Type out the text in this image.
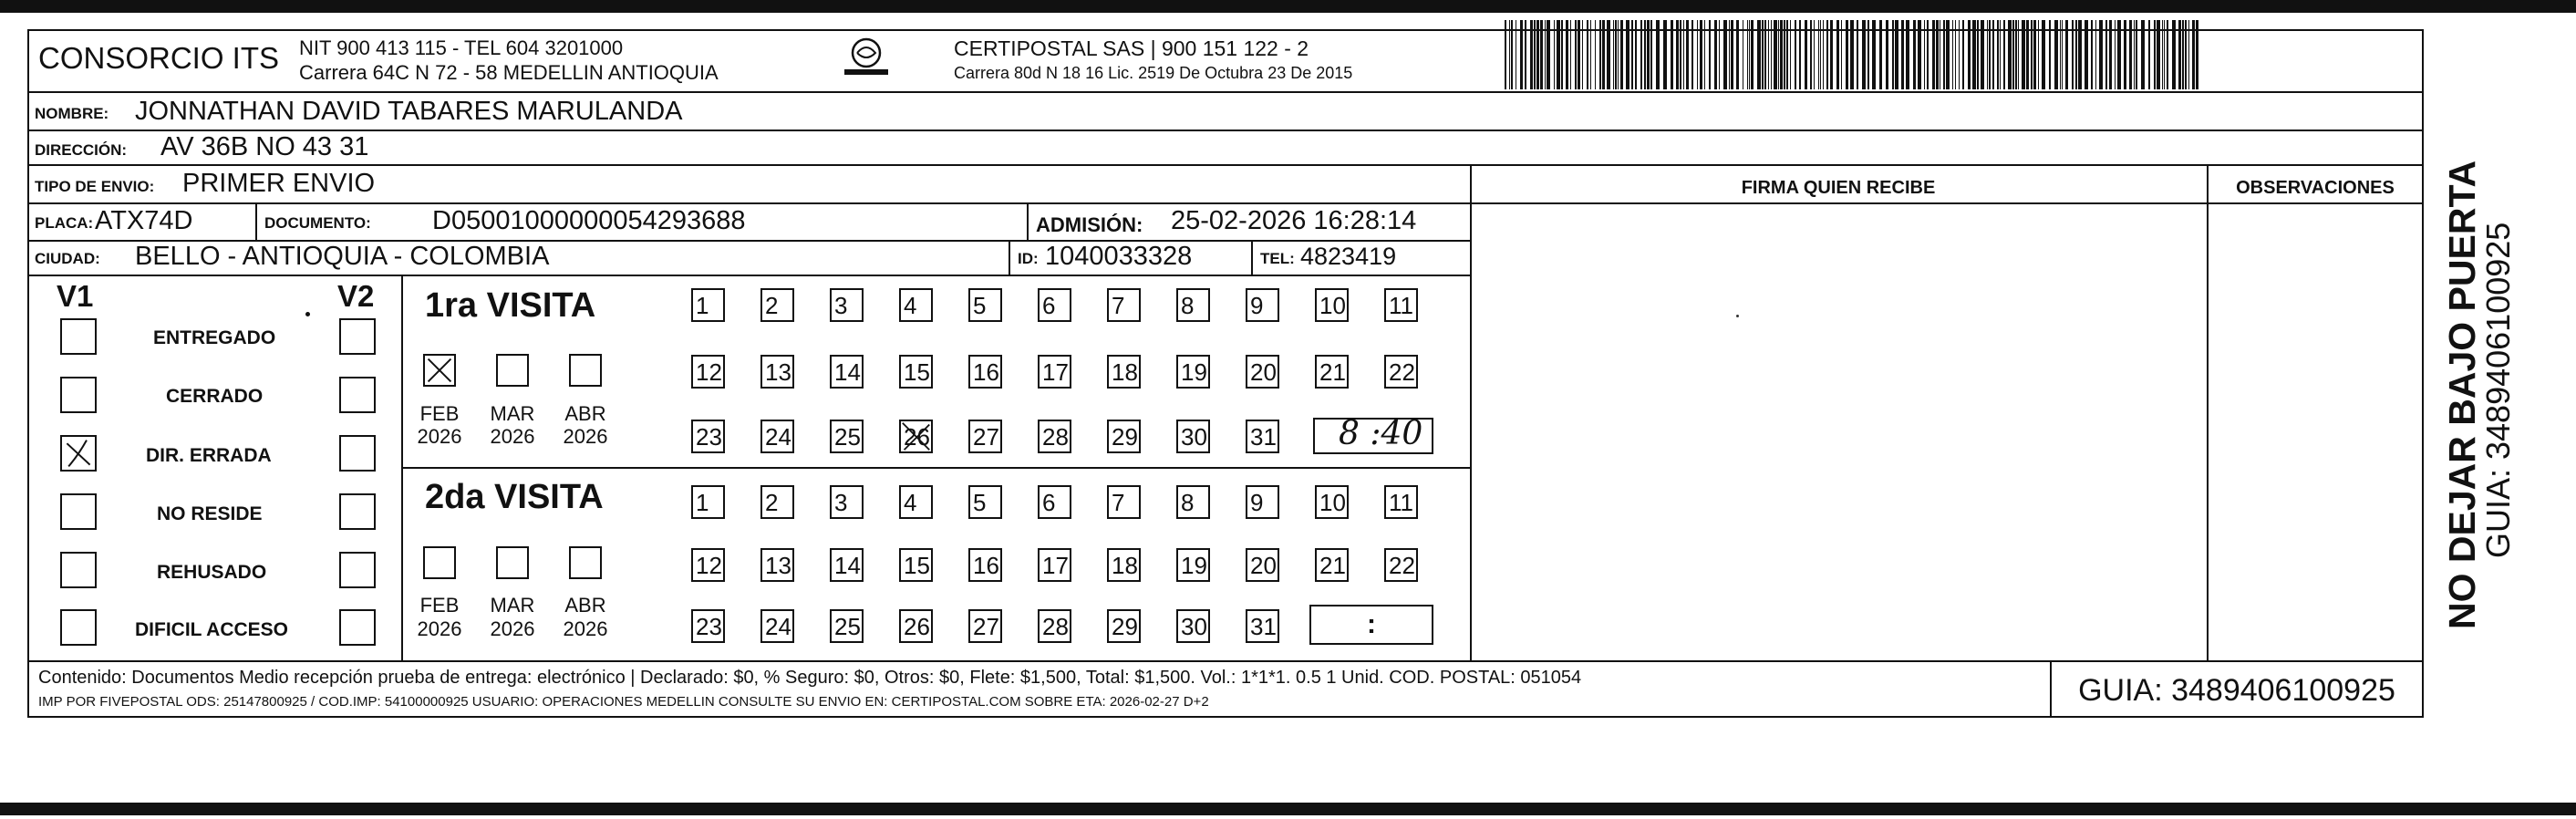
CONSORCIO ITS NIT 900 413 115 - TEL 604 3201000
Carrera 64C N 72 - 58 MEDELLIN ANTIOQUIA
CERTIPOSTAL SAS | 900 151 122 - 2
Carrera 80d N 18 16 Lic. 2519 De Octubra 23 De 2015
NOMBRE: JONNATHAN DAVID TABARES MARULANDA
DIRECCIÓN: AV 36B NO 43 31
TIPO DE ENVIO: PRIMER ENVIO	FIRMA QUIEN RECIBE	OBSERVACIONES
PLACA: ATX74D	DOCUMENTO: D05001000000054293688	ADMISIÓN: 25-02-2026 16:28:14
CIUDAD: BELLO - ANTIOQUIA - COLOMBIA	ID: 1040033328	TEL: 4823419
V1	V2
ENTREGADO
CERRADO
DIR. ERRADA
NO RESIDE
REHUSADO
DIFICIL ACCESO
1ra VISITA
FEB
2026
MAR
2026
ABR
2026
1	2	3	4	5	6	7	8	9	10 11
12 13 14 15 16 17 18 19 20 21 22
23 24 25 26 27 28 29 30 31 8 :40
2da VISITA
FEB
2026
MAR
2026
ABR
2026
1	2	3	4	5	6	7	8	9	10 11
12 13 14 15 16 17 18 19 20 21 22
23 24 25 26 27 28 29 30 31	:
Contenido: Documentos Medio recepción prueba de entrega: electrónico | Declarado: $0, % Seguro: $0, Otros: $0, Flete: $1,500, Total: $1,500. Vol.: 1*1*1. 0.5 1 Unid. COD. POSTAL: 051054
IMP POR FIVEPOSTAL ODS: 25147800925 / COD.IMP: 54100000925 USUARIO: OPERACIONES MEDELLIN CONSULTE SU ENVIO EN: CERTIPOSTAL.COM SOBRE ETA: 2026-02-27 D+2	GUIA: 3489406100925
NO DEJAR BAJO PUERTA
GUIA: 3489406100925
